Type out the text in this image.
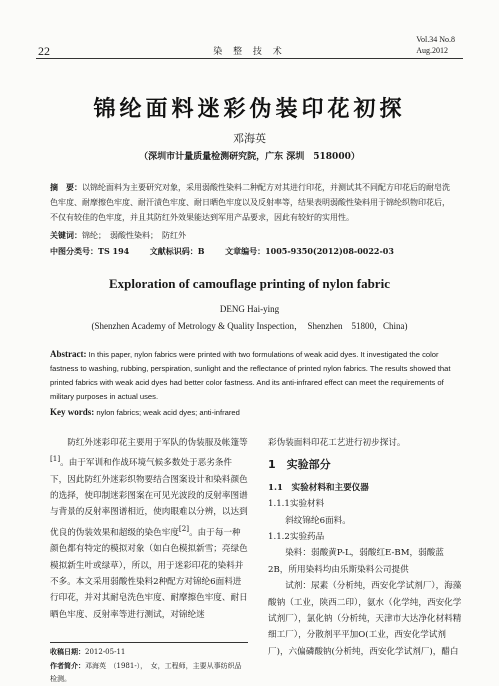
22	染 整 技 术
Vol.34 No.8
Aug.2012
锦纶面料迷彩伪装印花初探
邓海英
（深圳市计量质量检测研究院，广东 深圳　518000）
摘　要：以锦纶面料为主要研究对象，采用弱酸性染料二种配方对其进行印花，并测试其不同配方印花后的耐皂洗色牢度、耐摩擦色牢度、耐汗渍色牢度、耐日晒色牢度以及反射率等，结果表明弱酸性染料用于锦纶织物印花后，不仅有较佳的色牢度，并且其防红外效果能达到军用产品要求，因此有较好的实用性。
关键词：锦纶；　弱酸性染料；　防红外
中图分类号：TS 194	文献标识码：B	文章编号：1005-9350(2012)08-0022-03
Exploration of camouflage printing of nylon fabric
DENG Hai-ying
(Shenzhen Academy of Metrology & Quality Inspection，　Shenzhen　51800，China)
Abstract: In this paper, nylon fabrics were printed with two formulations of weak acid dyes. It investigated the color fastness to washing, rubbing, perspiration, sunlight and the reflectance of printed nylon fabrics. The results showed that printed fabrics with weak acid dyes had better color fastness. And its anti-infrared effect can meet the requirements of military purposes in actual uses.
Key words: nylon fabrics; weak acid dyes; anti-infrared

　　防红外迷彩印花主要用于军队的伪装服及帐篷等[1]。由于军训和作战环境气候多数处于恶劣条件下，因此防红外迷彩织物要结合图案设计和染料颜色的选择，使印制迷彩图案在可见光波段的反射率图谱与背景的反射率图谱相近，使肉眼难以分辨，以达到优良的伪装效果和超级的染色牢度[2]。由于每一种颜色都有特定的模拟对象（如白色模拟新雪；亮绿色模拟新生叶或绿草），所以，用于迷彩印花的染料并不多。本文采用弱酸性染料2种配方对锦纶6面料进行印花，并对其耐皂洗色牢度、耐摩擦色牢度、耐日晒色牢度、反射率等进行测试，对锦纶迷

彩伪装面料印花工艺进行初步探讨。

1　实验部分

1.1　实验材料和主要仪器

1.1.1实验材料

　　斜纹锦纶6面料。

1.1.2实验药品

　　染料：弱酸黄P-L，弱酸红E-BM，弱酸蓝2B，所用染料均由乐斯染料公司提供

　　试剂：尿素（分析纯，西安化学试剂厂），海藻酸钠（工业，陕西二印），氨水（化学纯，西安化学试剂厂），氯化钠（分析纯，天津市大达净化材料精细工厂），分散剂平平加O(工业，西安化学试剂厂)，六偏磷酸钠(分析纯，西安化学试剂厂)，醋白

收稿日期：2012-05-11
作者简介：邓海英　（1981-），　女，工程师，主要从事纺织品检测。
